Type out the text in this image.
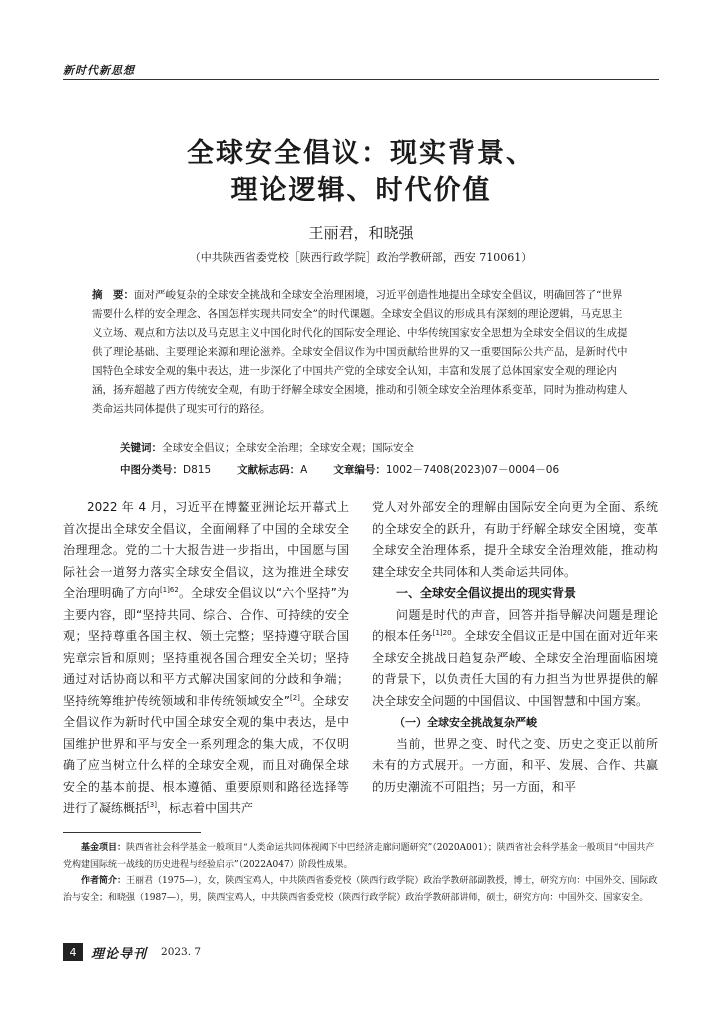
新时代新思想
全球安全倡议：现实背景、
理论逻辑、时代价值
王丽君，和晓强
（中共陕西省委党校［陕西行政学院］政治学教研部，西安 710061）
摘　要：面对严峻复杂的全球安全挑战和全球安全治理困境，习近平创造性地提出全球安全倡议，明确回答了“世界需要什么样的安全理念、各国怎样实现共同安全”的时代课题。全球安全倡议的形成具有深刻的理论逻辑，马克思主义立场、观点和方法以及马克思主义中国化时代化的国际安全理论、中华传统国家安全思想为全球安全倡议的生成提供了理论基础、主要理论来源和理论滋养。全球安全倡议作为中国贡献给世界的又一重要国际公共产品，是新时代中国特色全球安全观的集中表达，进一步深化了中国共产党的全球安全认知，丰富和发展了总体国家安全观的理论内涵，扬弃超越了西方传统安全观，有助于纾解全球安全困境，推动和引领全球安全治理体系变革，同时为推动构建人类命运共同体提供了现实可行的路径。
关键词：全球安全倡议；全球安全治理；全球安全观；国际安全
中图分类号：D815 文献标志码：A 文章编号：1002－7408(2023)07－0004－06

2022 年 4 月，习近平在博鳌亚洲论坛开幕式上首次提出全球安全倡议，全面阐释了中国的全球安全治理理念。党的二十大报告进一步指出，中国愿与国际社会一道努力落实全球安全倡议，这为推进全球安全治理明确了方向$^{[1]62}$。全球安全倡议以“六个坚持”为主要内容，即“坚持共同、综合、合作、可持续的安全观；坚持尊重各国主权、领土完整；坚持遵守联合国宪章宗旨和原则；坚持重视各国合理安全关切；坚持通过对话协商以和平方式解决国家间的分歧和争端；坚持统筹维护传统领域和非传统领域安全”[2]。全球安全倡议作为新时代中国全球安全观的集中表达，是中国维护世界和平与安全一系列理念的集大成，不仅明确了应当树立什么样的全球安全观，而且对确保全球安全的基本前提、根本遵循、重要原则和路径选择等进行了凝练概括[3]，标志着中国共产

党人对外部安全的理解由国际安全向更为全面、系统的全球安全的跃升，有助于纾解全球安全困境，变革全球安全治理体系，提升全球安全治理效能，推动构建全球安全共同体和人类命运共同体。

一、全球安全倡议提出的现实背景

问题是时代的声音，回答并指导解决问题是理论的根本任务$^{[1]20}$。全球安全倡议正是中国在面对近年来全球安全挑战日趋复杂严峻、全球安全治理面临困境的背景下，以负责任大国的有力担当为世界提供的解决全球安全问题的中国倡议、中国智慧和中国方案。

（一）全球安全挑战复杂严峻

当前，世界之变、时代之变、历史之变正以前所未有的方式展开。一方面，和平、发展、合作、共赢的历史潮流不可阻挡；另一方面，和平

基金项目：陕西省社会科学基金一般项目“人类命运共同体视阈下中巴经济走廊问题研究”（2020A001）；陕西省社会科学基金一般项目“中国共产党构建国际统一战线的历史进程与经验启示”（2022A047）阶段性成果。

作者简介：王丽君（1975—），女，陕西宝鸡人，中共陕西省委党校（陕西行政学院）政治学教研部副教授，博士，研究方向：中国外交、国际政治与安全；和晓强（1987—），男，陕西宝鸡人，中共陕西省委党校（陕西行政学院）政治学教研部讲师，硕士，研究方向：中国外交、国家安全。

4	理论导刊 2023. 7
